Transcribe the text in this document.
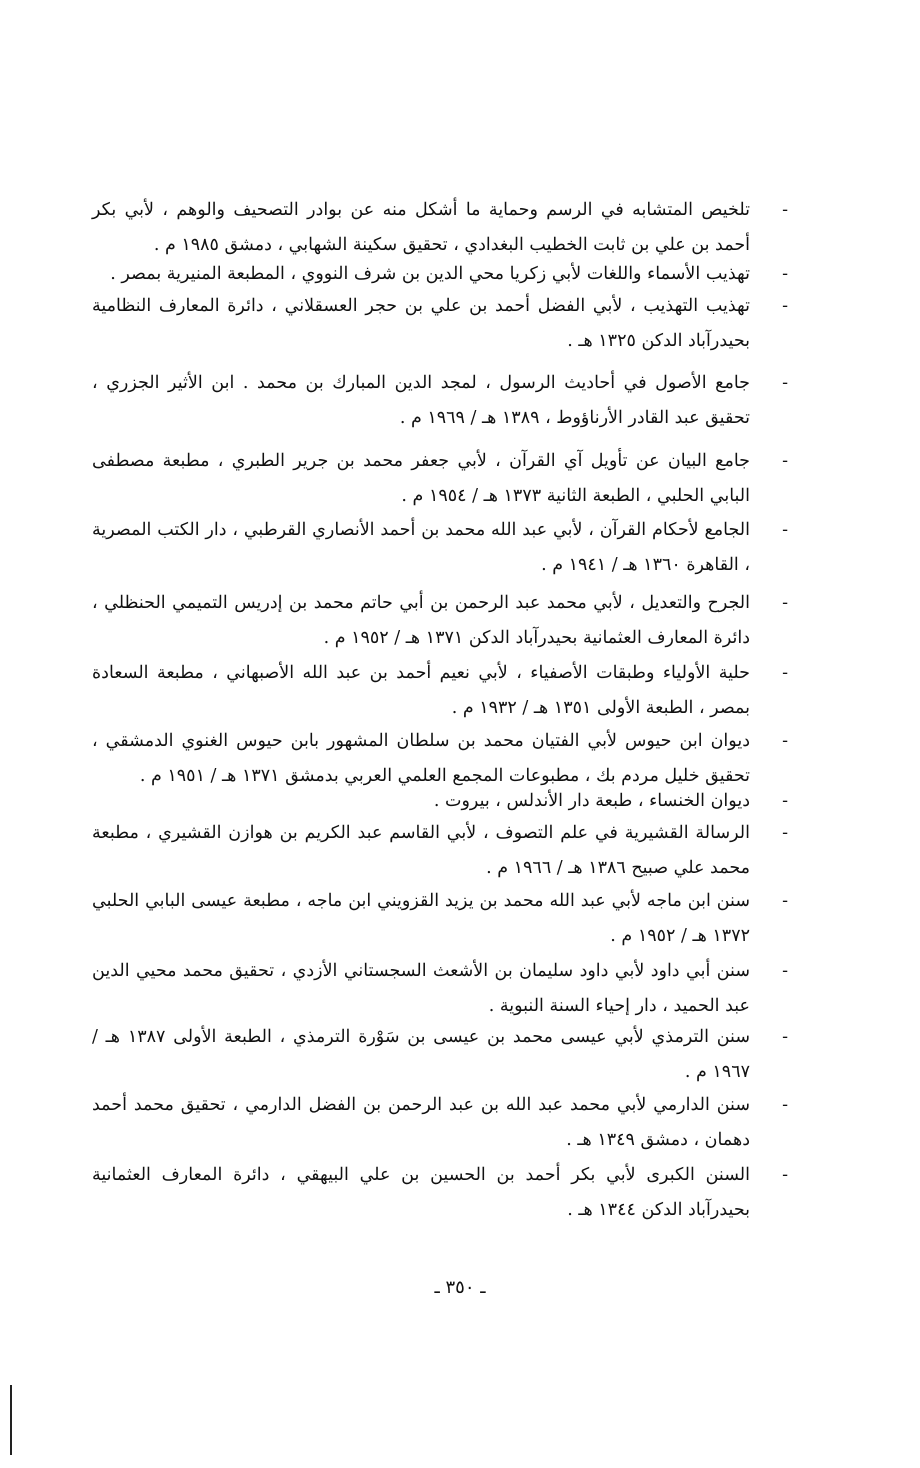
-
تلخيص المتشابه في الرسم وحماية ما أشكل منه عن بوادر التصحيف والوهم ، لأبي بكر أحمد بن علي بن ثابت الخطيب البغدادي ، تحقيق سكينة الشهابي ، دمشق ١٩٨٥ م .
-
تهذيب الأسماء واللغات لأبي زكريا محي الدين بن شرف النووي ، المطبعة المنيرية بمصر .
-
تهذيب التهذيب ، لأبي الفضل أحمد بن علي بن حجر العسقلاني ، دائرة المعارف النظامية بحيدرآباد الدكن ١٣٢٥ هـ .
-
جامع الأصول في أحاديث الرسول ، لمجد الدين المبارك بن محمد . ابن الأثير الجزري ، تحقيق عبد القادر الأرناؤوط ، ١٣٨٩ هـ / ١٩٦٩ م .
-
جامع البيان عن تأويل آي القرآن ، لأبي جعفر محمد بن جرير الطبري ، مطبعة مصطفى البابي الحلبي ، الطبعة الثانية ١٣٧٣ هـ / ١٩٥٤ م .
-
الجامع لأحكام القرآن ، لأبي عبد الله محمد بن أحمد الأنصاري القرطبي ، دار الكتب المصرية ، القاهرة ١٣٦٠ هـ / ١٩٤١ م .
-
الجرح والتعديل ، لأبي محمد عبد الرحمن بن أبي حاتم محمد بن إدريس التميمي الحنظلي ، دائرة المعارف العثمانية بحيدرآباد الدكن ١٣٧١ هـ / ١٩٥٢ م .
-
حلية الأولياء وطبقات الأصفياء ، لأبي نعيم أحمد بن عبد الله الأصبهاني ، مطبعة السعادة بمصر ، الطبعة الأولى ١٣٥١ هـ / ١٩٣٢ م .
-
ديوان ابن حيوس لأبي الفتيان محمد بن سلطان المشهور بابن حيوس الغنوي الدمشقي ، تحقيق خليل مردم بك ، مطبوعات المجمع العلمي العربي بدمشق ١٣٧١ هـ / ١٩٥١ م .
-
ديوان الخنساء ، طبعة دار الأندلس ، بيروت .
-
الرسالة القشيرية في علم التصوف ، لأبي القاسم عبد الكريم بن هوازن القشيري ، مطبعة محمد علي صبيح ١٣٨٦ هـ / ١٩٦٦ م .
-
سنن ابن ماجه لأبي عبد الله محمد بن يزيد القزويني ابن ماجه ، مطبعة عيسى البابي الحلبي ١٣٧٢ هـ / ١٩٥٢ م .
-
سنن أبي داود لأبي داود سليمان بن الأشعث السجستاني الأزدي ، تحقيق محمد محيي الدين عبد الحميد ، دار إحياء السنة النبوية .
-
سنن الترمذي لأبي عيسى محمد بن عيسى بن سَوْرة الترمذي ، الطبعة الأولى ١٣٨٧ هـ / ١٩٦٧ م .
-
سنن الدارمي لأبي محمد عبد الله بن عبد الرحمن بن الفضل الدارمي ، تحقيق محمد أحمد دهمان ، دمشق ١٣٤٩ هـ .
-
السنن الكبرى لأبي بكر أحمد بن الحسين بن علي البيهقي ، دائرة المعارف العثمانية بحيدرآباد الدكن ١٣٤٤ هـ .
ـ ٣٥٠ ـ
